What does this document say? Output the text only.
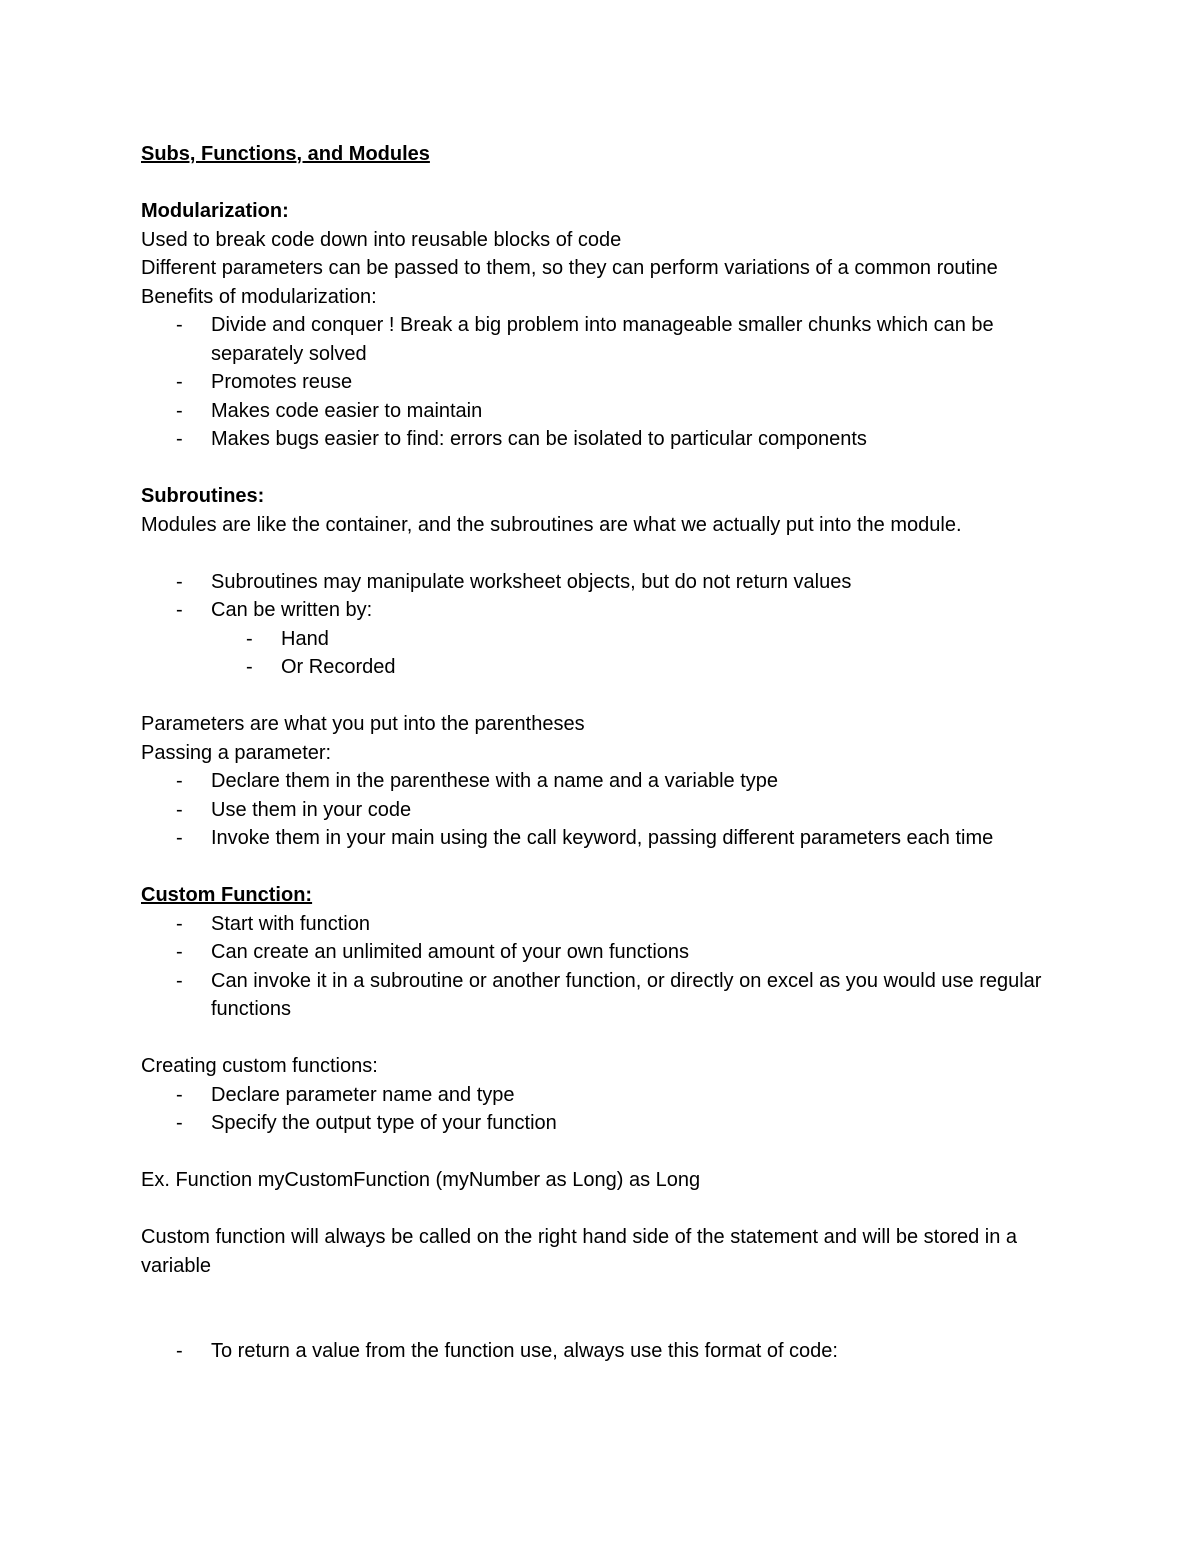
Subs, Functions, and Modules
Modularization:
Used to break code down into reusable blocks of code
Different parameters can be passed to them, so they can perform variations of a common routine
Benefits of modularization:
- Divide and conquer ! Break a big problem into manageable smaller chunks which can be separately solved
- Promotes reuse
- Makes code easier to maintain
- Makes bugs easier to find: errors can be isolated to particular components
Subroutines:
Modules are like the container, and the subroutines are what we actually put into the module.
- Subroutines may manipulate worksheet objects, but do not return values
- Can be written by:
- Hand
- Or Recorded
Parameters are what you put into the parentheses
Passing a parameter:
- Declare them in the parenthese with a name and a variable type
- Use them in your code
- Invoke them in your main using the call keyword, passing different parameters each time
Custom Function:
- Start with function
- Can create an unlimited amount of your own functions
- Can invoke it in a subroutine or another function, or directly on excel as you would use regular functions
Creating custom functions:
- Declare parameter name and type
- Specify the output type of your function
Ex. Function myCustomFunction (myNumber as Long) as Long
Custom function will always be called on the right hand side of the statement and will be stored in a variable
- To return a value from the function use, always use this format of code:
